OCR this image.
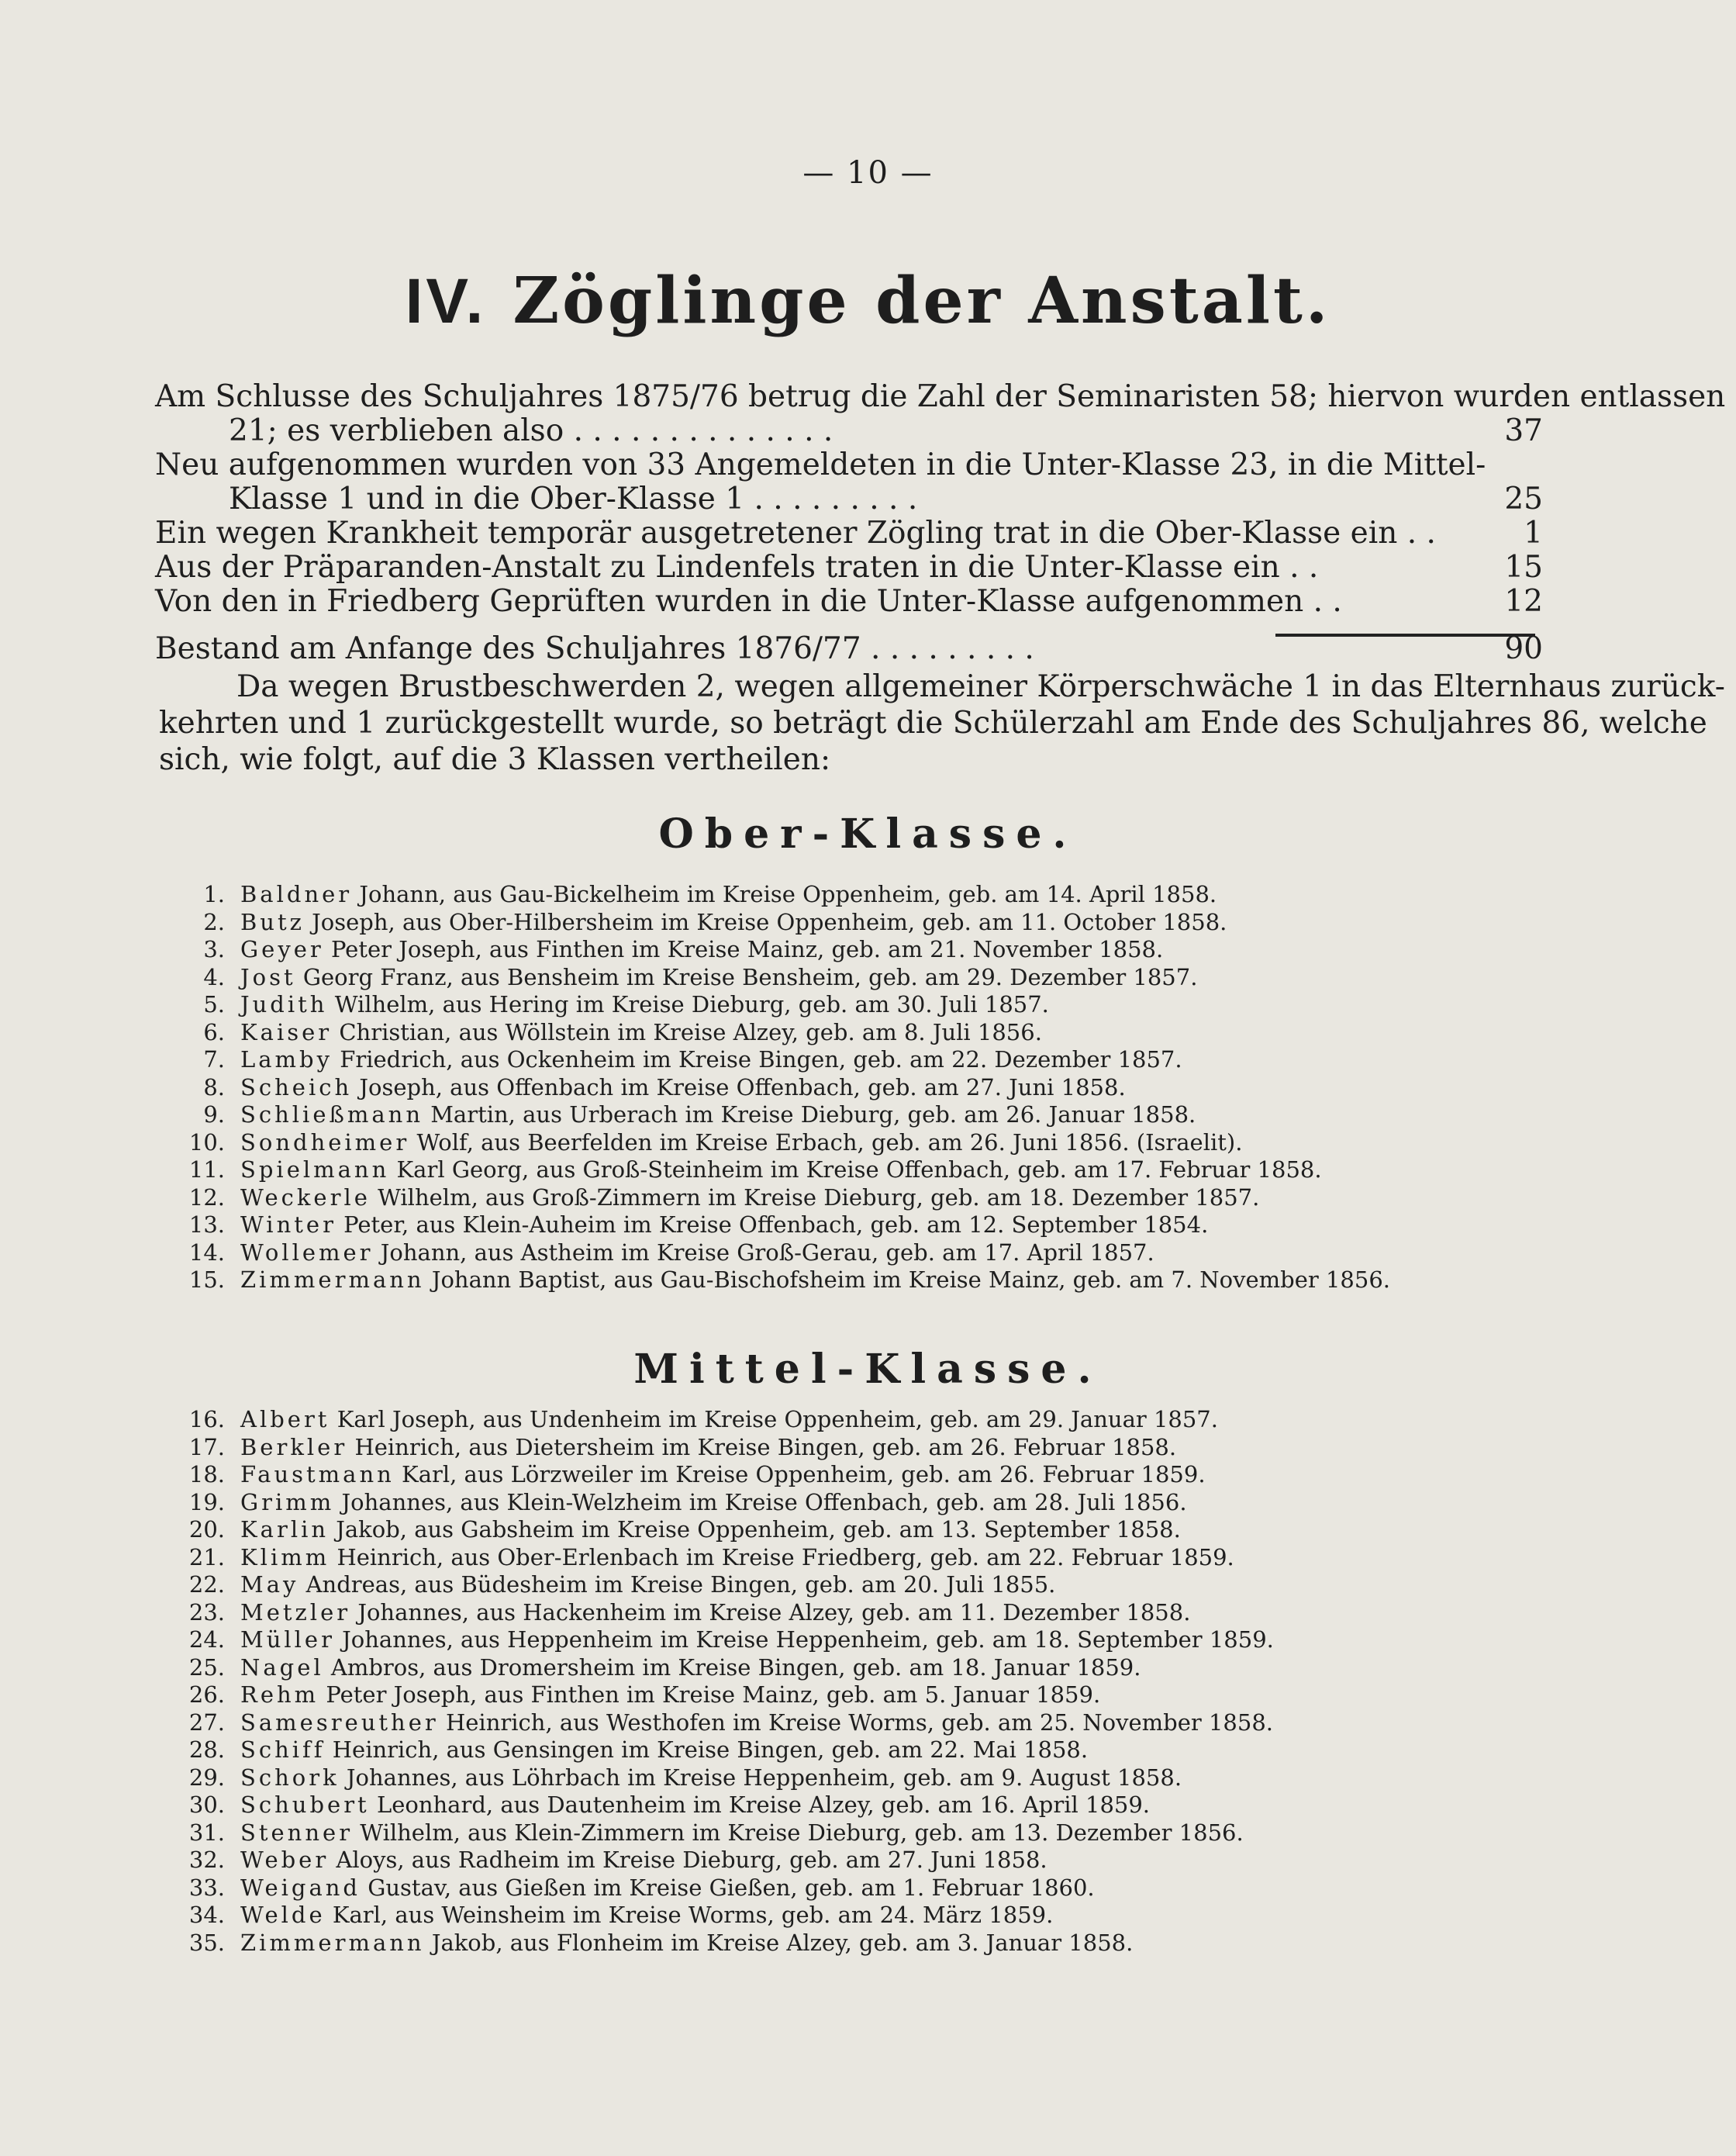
— 10 —
IV. Zöglinge der Anstalt.
Am Schlusse des Schuljahres 1875/76 betrug die Zahl der Seminaristen 58; hiervon wurden entlassen
21; es verblieben also . . . . . . . . . . . . . .	37
Neu aufgenommen wurden von 33 Angemeldeten in die Unter-Klasse 23, in die Mittel-
Klasse 1 und in die Ober-Klasse 1 . . . . . . . . .	25
Ein wegen Krankheit temporär ausgetretener Zögling trat in die Ober-Klasse ein . .	1
Aus der Präparanden-Anstalt zu Lindenfels traten in die Unter-Klasse ein . .	15
Von den in Friedberg Geprüften wurden in die Unter-Klasse aufgenommen . .	12
Bestand am Anfange des Schuljahres 1876/77 . . . . . . . . .	90
Da wegen Brustbeschwerden 2, wegen allgemeiner Körperschwäche 1 in das Elternhaus zurück-
kehrten und 1 zurückgestellt wurde, so beträgt die Schülerzahl am Ende des Schuljahres 86, welche
sich, wie folgt, auf die 3 Klassen vertheilen:
Ober-Klasse.
1. Baldner Johann, aus Gau-Bickelheim im Kreise Oppenheim, geb. am 14. April 1858.
2. Butz Joseph, aus Ober-Hilbersheim im Kreise Oppenheim, geb. am 11. October 1858.
3. Geyer Peter Joseph, aus Finthen im Kreise Mainz, geb. am 21. November 1858.
4. Jost Georg Franz, aus Bensheim im Kreise Bensheim, geb. am 29. Dezember 1857.
5. Judith Wilhelm, aus Hering im Kreise Dieburg, geb. am 30. Juli 1857.
6. Kaiser Christian, aus Wöllstein im Kreise Alzey, geb. am 8. Juli 1856.
7. Lamby Friedrich, aus Ockenheim im Kreise Bingen, geb. am 22. Dezember 1857.
8. Scheich Joseph, aus Offenbach im Kreise Offenbach, geb. am 27. Juni 1858.
9. Schließmann Martin, aus Urberach im Kreise Dieburg, geb. am 26. Januar 1858.
10. Sondheimer Wolf, aus Beerfelden im Kreise Erbach, geb. am 26. Juni 1856. (Israelit).
11. Spielmann Karl Georg, aus Groß-Steinheim im Kreise Offenbach, geb. am 17. Februar 1858.
12. Weckerle Wilhelm, aus Groß-Zimmern im Kreise Dieburg, geb. am 18. Dezember 1857.
13. Winter Peter, aus Klein-Auheim im Kreise Offenbach, geb. am 12. September 1854.
14. Wollemer Johann, aus Astheim im Kreise Groß-Gerau, geb. am 17. April 1857.
15. Zimmermann Johann Baptist, aus Gau-Bischofsheim im Kreise Mainz, geb. am 7. November 1856.
Mittel-Klasse.
16. Albert Karl Joseph, aus Undenheim im Kreise Oppenheim, geb. am 29. Januar 1857.
17. Berkler Heinrich, aus Dietersheim im Kreise Bingen, geb. am 26. Februar 1858.
18. Faustmann Karl, aus Lörzweiler im Kreise Oppenheim, geb. am 26. Februar 1859.
19. Grimm Johannes, aus Klein-Welzheim im Kreise Offenbach, geb. am 28. Juli 1856.
20. Karlin Jakob, aus Gabsheim im Kreise Oppenheim, geb. am 13. September 1858.
21. Klimm Heinrich, aus Ober-Erlenbach im Kreise Friedberg, geb. am 22. Februar 1859.
22. May Andreas, aus Büdesheim im Kreise Bingen, geb. am 20. Juli 1855.
23. Metzler Johannes, aus Hackenheim im Kreise Alzey, geb. am 11. Dezember 1858.
24. Müller Johannes, aus Heppenheim im Kreise Heppenheim, geb. am 18. September 1859.
25. Nagel Ambros, aus Dromersheim im Kreise Bingen, geb. am 18. Januar 1859.
26. Rehm Peter Joseph, aus Finthen im Kreise Mainz, geb. am 5. Januar 1859.
27. Samesreuther Heinrich, aus Westhofen im Kreise Worms, geb. am 25. November 1858.
28. Schiff Heinrich, aus Gensingen im Kreise Bingen, geb. am 22. Mai 1858.
29. Schork Johannes, aus Löhrbach im Kreise Heppenheim, geb. am 9. August 1858.
30. Schubert Leonhard, aus Dautenheim im Kreise Alzey, geb. am 16. April 1859.
31. Stenner Wilhelm, aus Klein-Zimmern im Kreise Dieburg, geb. am 13. Dezember 1856.
32. Weber Aloys, aus Radheim im Kreise Dieburg, geb. am 27. Juni 1858.
33. Weigand Gustav, aus Gießen im Kreise Gießen, geb. am 1. Februar 1860.
34. Welde Karl, aus Weinsheim im Kreise Worms, geb. am 24. März 1859.
35. Zimmermann Jakob, aus Flonheim im Kreise Alzey, geb. am 3. Januar 1858.
